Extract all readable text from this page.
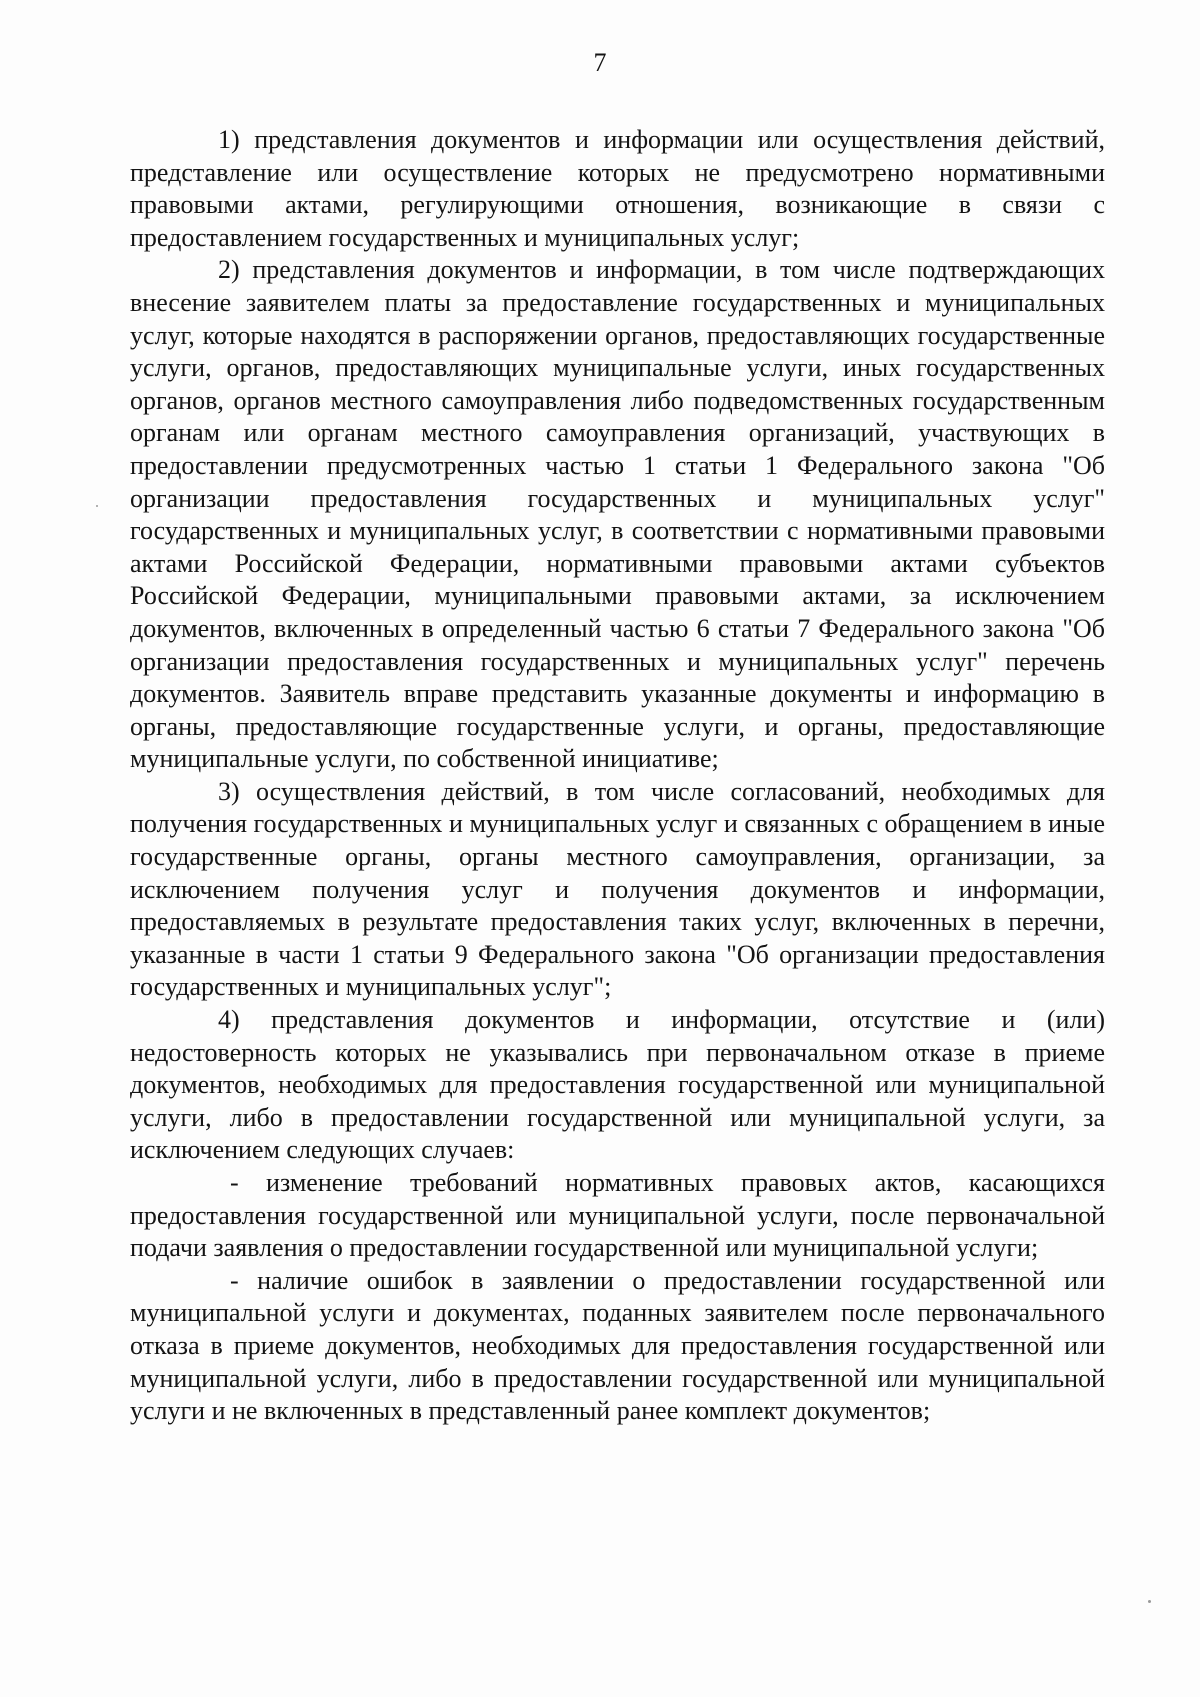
7

1) представления документов и информации или осуществления действий, представление или осуществление которых не предусмотрено нормативными правовыми актами, регулирующими отношения, возникающие в связи с предоставлением государственных и муниципальных услуг;

2) представления документов и информации, в том числе подтверждающих внесение заявителем платы за предоставление государственных и муниципальных услуг, которые находятся в распоряжении органов, предоставляющих государственные услуги, органов, предоставляющих муниципальные услуги, иных государственных органов, органов местного самоуправления либо подведомственных государственным органам или органам местного самоуправления организаций, участвующих в предоставлении предусмотренных частью 1 статьи 1 Федерального закона "Об организации предоставления государственных и муниципальных услуг" государственных и муниципальных услуг, в соответствии с нормативными правовыми актами Российской Федерации, нормативными правовыми актами субъектов Российской Федерации, муниципальными правовыми актами, за исключением документов, включенных в определенный частью 6 статьи 7 Федерального закона "Об организации предоставления государственных и муниципальных услуг" перечень документов. Заявитель вправе представить указанные документы и информацию в органы, предоставляющие государственные услуги, и органы, предоставляющие муниципальные услуги, по собственной инициативе;

3) осуществления действий, в том числе согласований, необходимых для получения государственных и муниципальных услуг и связанных с обращением в иные государственные органы, органы местного самоуправления, организации, за исключением получения услуг и получения документов и информации, предоставляемых в результате предоставления таких услуг, включенных в перечни, указанные в части 1 статьи 9 Федерального закона "Об организации предоставления государственных и муниципальных услуг";

4) представления документов и информации, отсутствие и (или) недостоверность которых не указывались при первоначальном отказе в приеме документов, необходимых для предоставления государственной или муниципальной услуги, либо в предоставлении государственной или муниципальной услуги, за исключением следующих случаев:

- изменение требований нормативных правовых актов, касающихся предоставления государственной или муниципальной услуги, после первоначальной подачи заявления о предоставлении государственной или муниципальной услуги;

- наличие ошибок в заявлении о предоставлении государственной или муниципальной услуги и документах, поданных заявителем после первоначального отказа в приеме документов, необходимых для предоставления государственной или муниципальной услуги, либо в предоставлении государственной или муниципальной услуги и не включенных в представленный ранее комплект документов;
